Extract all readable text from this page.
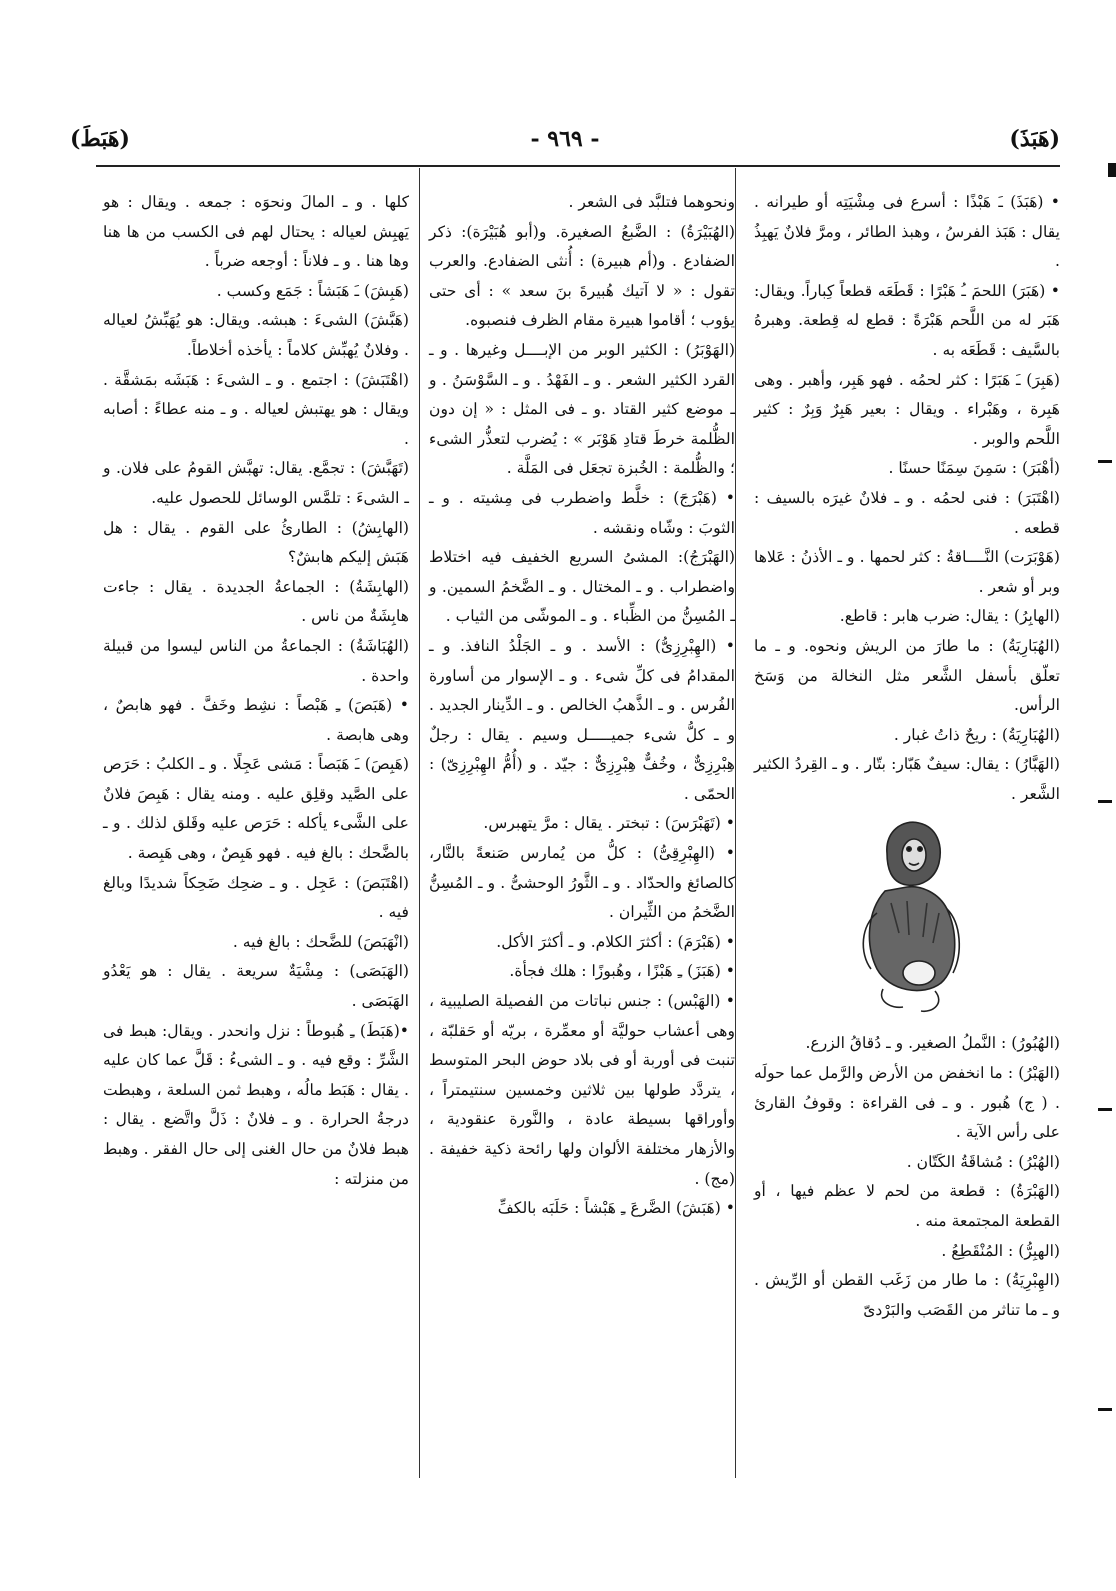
(هَبَذَ)
- ٩٦٩ -
(هَبَطَ)

• (هَبَذَ) ـَ هَبْذًا : أسرع فى مِشْيَتِه أو طيرانه . يقال : هَبَذ الفرسُ ، وهبذ الطائر ، ومرَّ فلانٌ يَهبِذُ .

• (هَبَرَ) اللحمَ ـُ هَبْرًا : قَطَعَه قطعاً كِباراً. ويقال: هَبَر له من اللَّحم هَبْرَةً : قطع له قِطعة. وهبرهُ بالسَّيف : قَطَعَه به .

(هَبِرَ) ـَ هَبَرًا : كثر لحمُه . فهو هَبِر، وأهبر . وهى هَبِرة ، وهَبْراء . ويقال : بعير هَبِرٌ وَبِرٌ : كثير اللَّحم والوبر .

(أهْبَرَ) : سَمِنَ سِمَنًا حسنًا .

(اهْتَبَرَ) : فنى لحمُه . و ـ فلانٌ غيرَه بالسيف : قطعه .

(هَوْبَرَت) النَّــــاقةُ : كثر لحمها . و ـ الأذنُ : عَلاها وبر أو شعر .

(الهابِرُ) : يقال: ضرب هابر : قاطع.

(الهُبَارِيَةُ) : ما طارَ من الريش ونحوه. و ـ ما تعلّق بأسفل الشَّعر مثل النخالة من وَسَخ الرأس.

(الهُبَارِيَةُ) : ريحٌ ذاتُ غبار .

(الهَبَّارُ) : يقال: سيفٌ هَبّار: بتّار . و ـ القِردُ الكثير الشَّعر .

(الهُبُورُ) : النَّملُ الصغير. و ـ دُقاقُ الزرع.

(الهَبْرُ) : ما انخفض من الأرض والرَّمل عما حولَه . ( ج) هُبور . و ـ فى القراءة : وقوفُ القارئ على رأس الآية .

(الهُبْرُ) : مُشاقَةُ الكَتّان .

(الهَبْرَةُ) : قطعة من لحم لا عظم فيها ، أو القطعة المجتمعة منه .

(الهبِرُّ) : المُنْقَطِعُ .

(الهِبْرِيَةُ) : ما طار من زَغَب القطن أو الرِّيش . و ـ ما تناثر من القَصَب والبَرْدىّ

ونحوهما فتلبَّد فى الشعر .

(الهُبَيْرَةُ) : الضَّبعُ الصغيرة. و(أبو هُبَيْرَة): ذكر الضفادع . و(أم هبيرة) : أُنثى الضفادع. والعرب تقول : « لا آتيك هُبيرةَ بنَ سعد » : أى حتى يؤوب ؛ أقاموا هبيرة مقام الظرف فنصبوه.

(الهَوْبَرُ) : الكثير الوبر من الإبــــل وغيرها . و ـ القرد الكثير الشعر . و ـ الفَهْدُ . و ـ السَّوْسَنُ . و ـ موضع كثير القتاد .و ـ فى المثل : « إن دون الظُّلمة خرطَ قتادِ هَوْبَر » : يُضرب لتعذُّر الشىء ؛ والظُّلمة : الخُبزة تجعَل فى المَلَّة .

• (هَبْرَجَ) : خلَّط واضطرب فى مِشيته . و ـ الثوبَ : وشّاه ونقشه .

(الهَبْرَجُ): المشىُ السريع الخفيف فيه اختلاط واضطراب . و ـ المختال . و ـ الضَّخمُ السمين. و ـ المُسِنُّ من الظِّباء . و ـ الموشّى من الثياب .

• (الهِبْرِزِىُّ) : الأسد . و ـ الجَلْدُ النافذ. و ـ المقدامُ فى كلِّ شىء . و ـ الإسوار من أساورة الفُرس . و ـ الذَّهبُ الخالص . و ـ الدِّينار الجديد . و ـ كلُّ شىء جميـــــل وسيم . يقال : رجلٌ هِبْرِزِىٌّ ، وخُفٌّ هِبْرِزِىٌّ : جيّد . و (أُمُّ الهِبْرِزِىّ) : الحمّى .

• (تَهَبْرَسَ) : تبختر . يقال : مرَّ يتهبرس.

• (الهِبْرِقِىُّ) : كلُّ من يُمارس صَنعةً بالنَّار، كالصائغ والحدّاد . و ـ الثَّورُ الوحشىُّ . و ـ المُسِنُّ الضَّخمُ من الثِّيران .

• (هَبْرَمَ) : أكثرَ الكلام. و ـ أكثرَ الأكل.

• (هَبَزَ) ـِ هَبْزًا ، وهُبوزًا : هلك فجأة.

• (الهَبْس) : جنس نباتات من الفصيلة الصليبية ، وهى أعشاب حوليَّة أو معمِّرة ، بريّه أو حَقلبّة ، تنبت فى أوربة أو فى بلاد حوض البحر المتوسط ، يتردَّد طولها بين ثلاثين وخمسين سنتيمتراً ، وأوراقها بسيطة عادة ، والنَّورة عنقودية ، والأزهار مختلفة الألوان ولها رائحة ذكية خفيفة . (مج) .

• (هَبَشَ) الضَّرعَ ـِ هَبْشاً : حَلَبَه بالكفِّ

كلها . و ـ المالَ ونحوَه : جمعه . ويقال : هو يَهبِش لعياله : يحتال لهم فى الكسب من ها هنا وها هنا . و ـ فلاناً : أوجعه ضرباً .

(هَبِشَ) ـَ هَبَشاً : جَمَع وكسب .

(هَبَّشَ) الشىءَ : هبشه. ويقال: هو يُهَبِّشُ لعياله . وفلانٌ يُهبِّش كلاماً : يأخذه أخلاطاً.

(اهْتَبَشَ) : اجتمع . و ـ الشىءَ : هَبَشَه بمَشقَّة . ويقال : هو يهتبش لعياله . و ـ منه عطاءً : أصابه .

(تَهَبَّشَ) : تجمَّع. يقال: تهبَّش القومُ على فلان. و ـ الشىءَ : تلمَّس الوسائل للحصول عليه.

(الهابِشُ) : الطارئُ على القوم . يقال : هل هَبَش إليكم هابشٌ؟

(الهابِشَةُ) : الجماعةُ الجديدة . يقال : جاءت هابِشَةٌ من ناس .

(الهُبَاشَةُ) : الجماعةُ من الناس ليسوا من قبيلة واحدة .

• (هَبَصَ) ـِ هَبْصاً : نشِط وخَفَّ . فهو هابصٌ ، وهى هابصة .

(هَبِصَ) ـَ هَبَصاً : مَشى عَجِلًا . و ـ الكلبُ : حَرَص على الصَّيد وقلِق عليه . ومنه يقال : هَبِصَ فلانٌ على الشَّىء يأكله : حَرَص عليه وقَلق لذلك . و ـ بالضَّحك : بالغ فيه . فهو هَبِصٌ ، وهى هَبِصة .

(اهْتَبَصَ) : عَجِل . و ـ ضحِك ضَحِكاً شديدًا وبالغ فيه .

(انْهَبَصَ) للضَّحك : بالغ فيه .

(الهَبَصَى) : مِشْيَةٌ سريعة . يقال : هو يَعْدُو الهَبَصَى .

•(هَبَطَ) ـِ هُبوطاً : نزل وانحدر . ويقال: هبط فى الشَّرِّ : وقع فيه . و ـ الشىءُ : قَلَّ عما كان عليه . يقال : هَبَط مالُه ، وهبط ثمن السلعة ، وهبطت درجةُ الحرارة . و ـ فلانٌ : ذَلَّ واتَّضع . يقال : هبط فلانٌ من حال الغنى إلى حال الفقر . وهبط من منزلته :
